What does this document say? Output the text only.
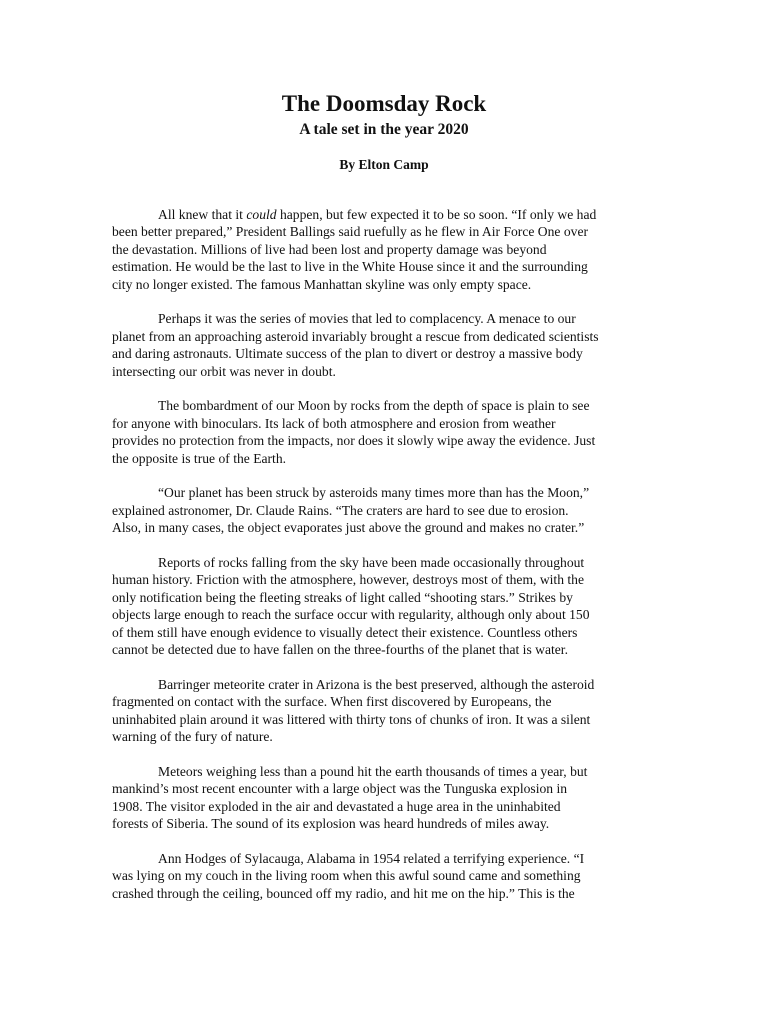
The Doomsday Rock
A tale set in the year 2020
By Elton Camp
All knew that it could happen, but few expected it to be so soon. “If only we had
been better prepared,” President Ballings said ruefully as he flew in Air Force One over
the devastation. Millions of live had been lost and property damage was beyond
estimation. He would be the last to live in the White House since it and the surrounding
city no longer existed. The famous Manhattan skyline was only empty space.
Perhaps it was the series of movies that led to complacency. A menace to our
planet from an approaching asteroid invariably brought a rescue from dedicated scientists
and daring astronauts. Ultimate success of the plan to divert or destroy a massive body
intersecting our orbit was never in doubt.
The bombardment of our Moon by rocks from the depth of space is plain to see
for anyone with binoculars. Its lack of both atmosphere and erosion from weather
provides no protection from the impacts, nor does it slowly wipe away the evidence. Just
the opposite is true of the Earth.
“Our planet has been struck by asteroids many times more than has the Moon,”
explained astronomer, Dr. Claude Rains. “The craters are hard to see due to erosion.
Also, in many cases, the object evaporates just above the ground and makes no crater.”
Reports of rocks falling from the sky have been made occasionally throughout
human history. Friction with the atmosphere, however, destroys most of them, with the
only notification being the fleeting streaks of light called “shooting stars.” Strikes by
objects large enough to reach the surface occur with regularity, although only about 150
of them still have enough evidence to visually detect their existence. Countless others
cannot be detected due to have fallen on the three-fourths of the planet that is water.
Barringer meteorite crater in Arizona is the best preserved, although the asteroid
fragmented on contact with the surface. When first discovered by Europeans, the
uninhabited plain around it was littered with thirty tons of chunks of iron. It was a silent
warning of the fury of nature.
Meteors weighing less than a pound hit the earth thousands of times a year, but
mankind’s most recent encounter with a large object was the Tunguska explosion in
1908. The visitor exploded in the air and devastated a huge area in the uninhabited
forests of Siberia. The sound of its explosion was heard hundreds of miles away.
Ann Hodges of Sylacauga, Alabama in 1954 related a terrifying experience. “I
was lying on my couch in the living room when this awful sound came and something
crashed through the ceiling, bounced off my radio, and hit me on the hip.” This is the
